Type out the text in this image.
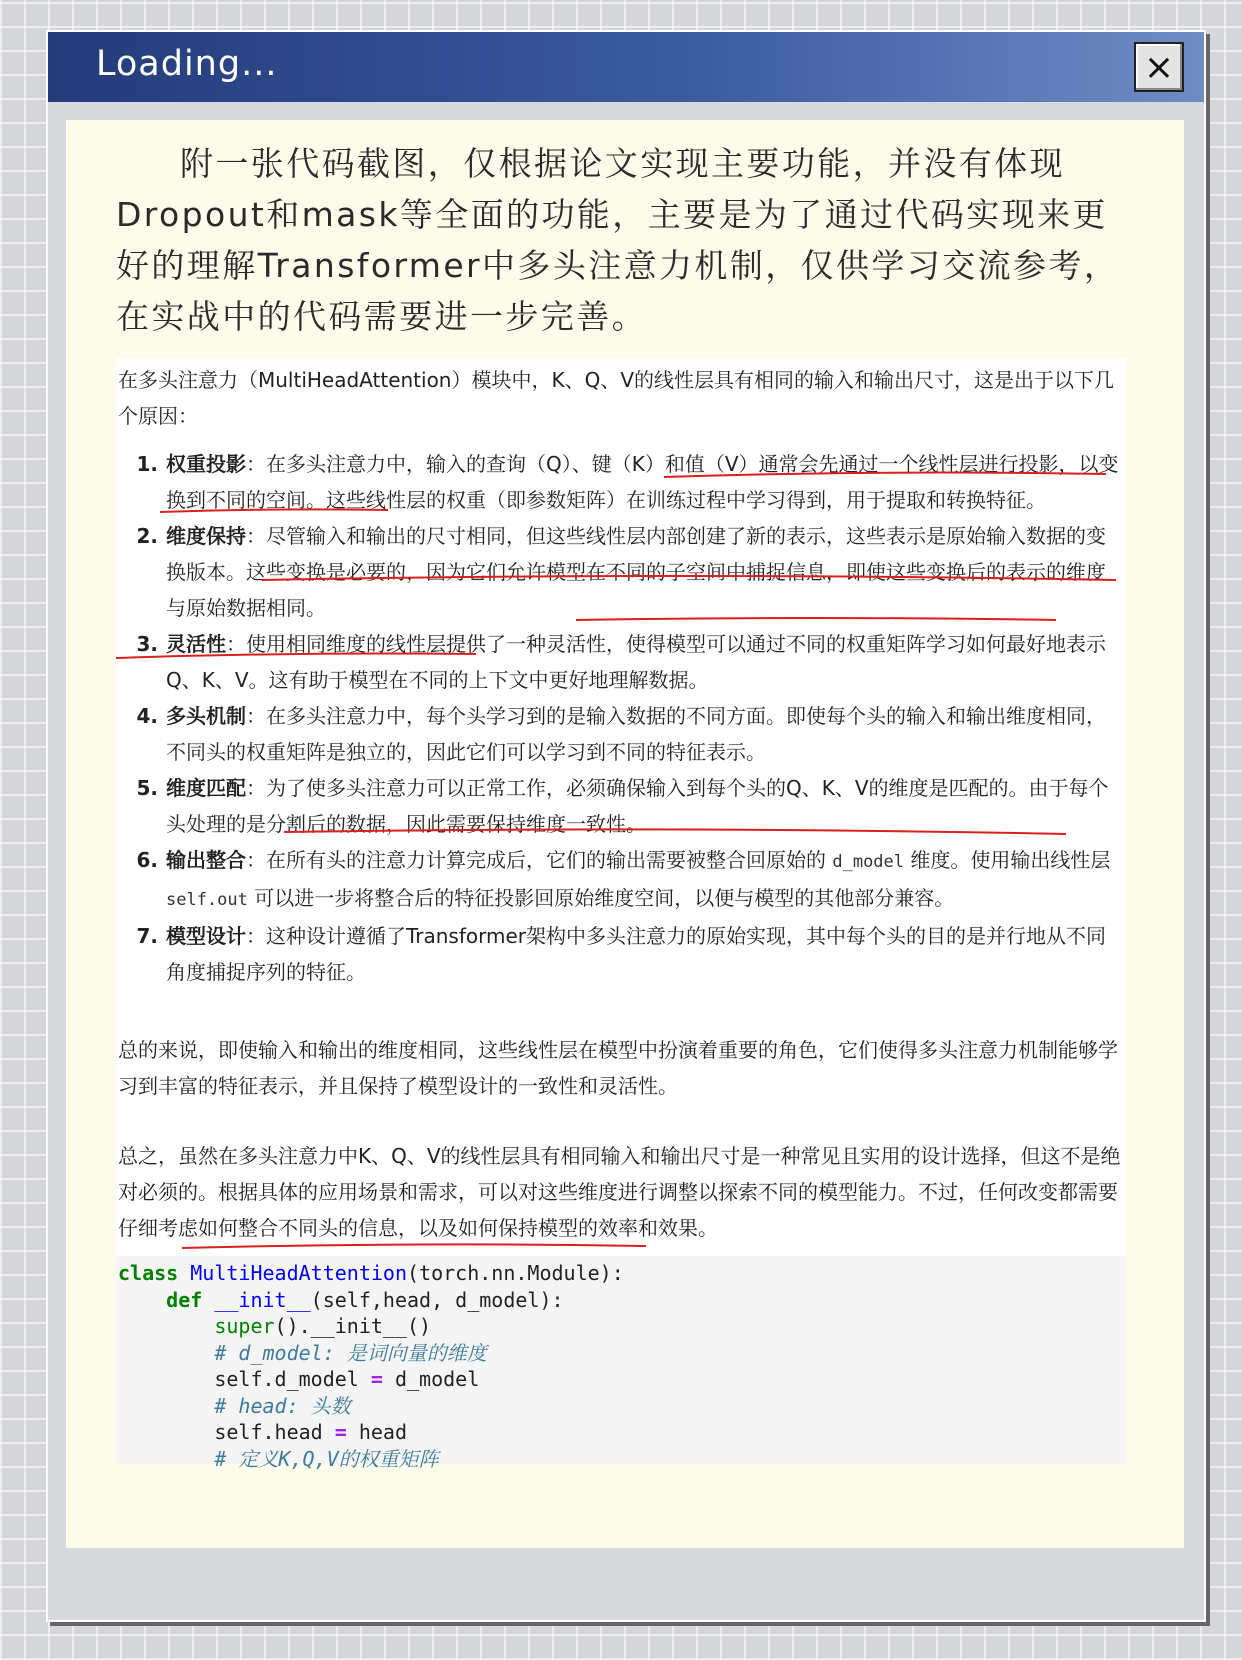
Loading...	×

附一张代码截图，仅根据论文实现主要功能，并没有体现Dropout和mask等全面的功能，主要是为了通过代码实现来更好的理解Transformer中多头注意力机制，仅供学习交流参考，在实战中的代码需要进一步完善。

在多头注意力（MultiHeadAttention）模块中，K、Q、V的线性层具有相同的输入和输出尺寸，这是出于以下几个原因：

1. 权重投影：在多头注意力中，输入的查询（Q）、键（K）和值（V）通常会先通过一个线性层进行投影，以变换到不同的空间。这些线性层的权重（即参数矩阵）在训练过程中学习得到，用于提取和转换特征。
2. 维度保持：尽管输入和输出的尺寸相同，但这些线性层内部创建了新的表示，这些表示是原始输入数据的变换版本。这些变换是必要的，因为它们允许模型在不同的子空间中捕捉信息，即使这些变换后的表示的维度与原始数据相同。
3. 灵活性：使用相同维度的线性层提供了一种灵活性，使得模型可以通过不同的权重矩阵学习如何最好地表示Q、K、V。这有助于模型在不同的上下文中更好地理解数据。
4. 多头机制：在多头注意力中，每个头学习到的是输入数据的不同方面。即使每个头的输入和输出维度相同，不同头的权重矩阵是独立的，因此它们可以学习到不同的特征表示。
5. 维度匹配：为了使多头注意力可以正常工作，必须确保输入到每个头的Q、K、V的维度是匹配的。由于每个头处理的是分割后的数据，因此需要保持维度一致性。
6. 输出整合：在所有头的注意力计算完成后，它们的输出需要被整合回原始的 d_model 维度。使用输出线性层 self.out 可以进一步将整合后的特征投影回原始维度空间，以便与模型的其他部分兼容。
7. 模型设计：这种设计遵循了Transformer架构中多头注意力的原始实现，其中每个头的目的是并行地从不同角度捕捉序列的特征。

总的来说，即使输入和输出的维度相同，这些线性层在模型中扮演着重要的角色，它们使得多头注意力机制能够学习到丰富的特征表示，并且保持了模型设计的一致性和灵活性。

总之，虽然在多头注意力中K、Q、V的线性层具有相同输入和输出尺寸是一种常见且实用的设计选择，但这不是绝对必须的。根据具体的应用场景和需求，可以对这些维度进行调整以探索不同的模型能力。不过，任何改变都需要仔细考虑如何整合不同头的信息，以及如何保持模型的效率和效果。

class MultiHeadAttention(torch.nn.Module):
def __init__(self,head, d_model):
super().__init__()
# d_model: 是词向量的维度
self.d_model = d_model
# head: 头数
self.head = head
# 定义K,Q,V的权重矩阵
